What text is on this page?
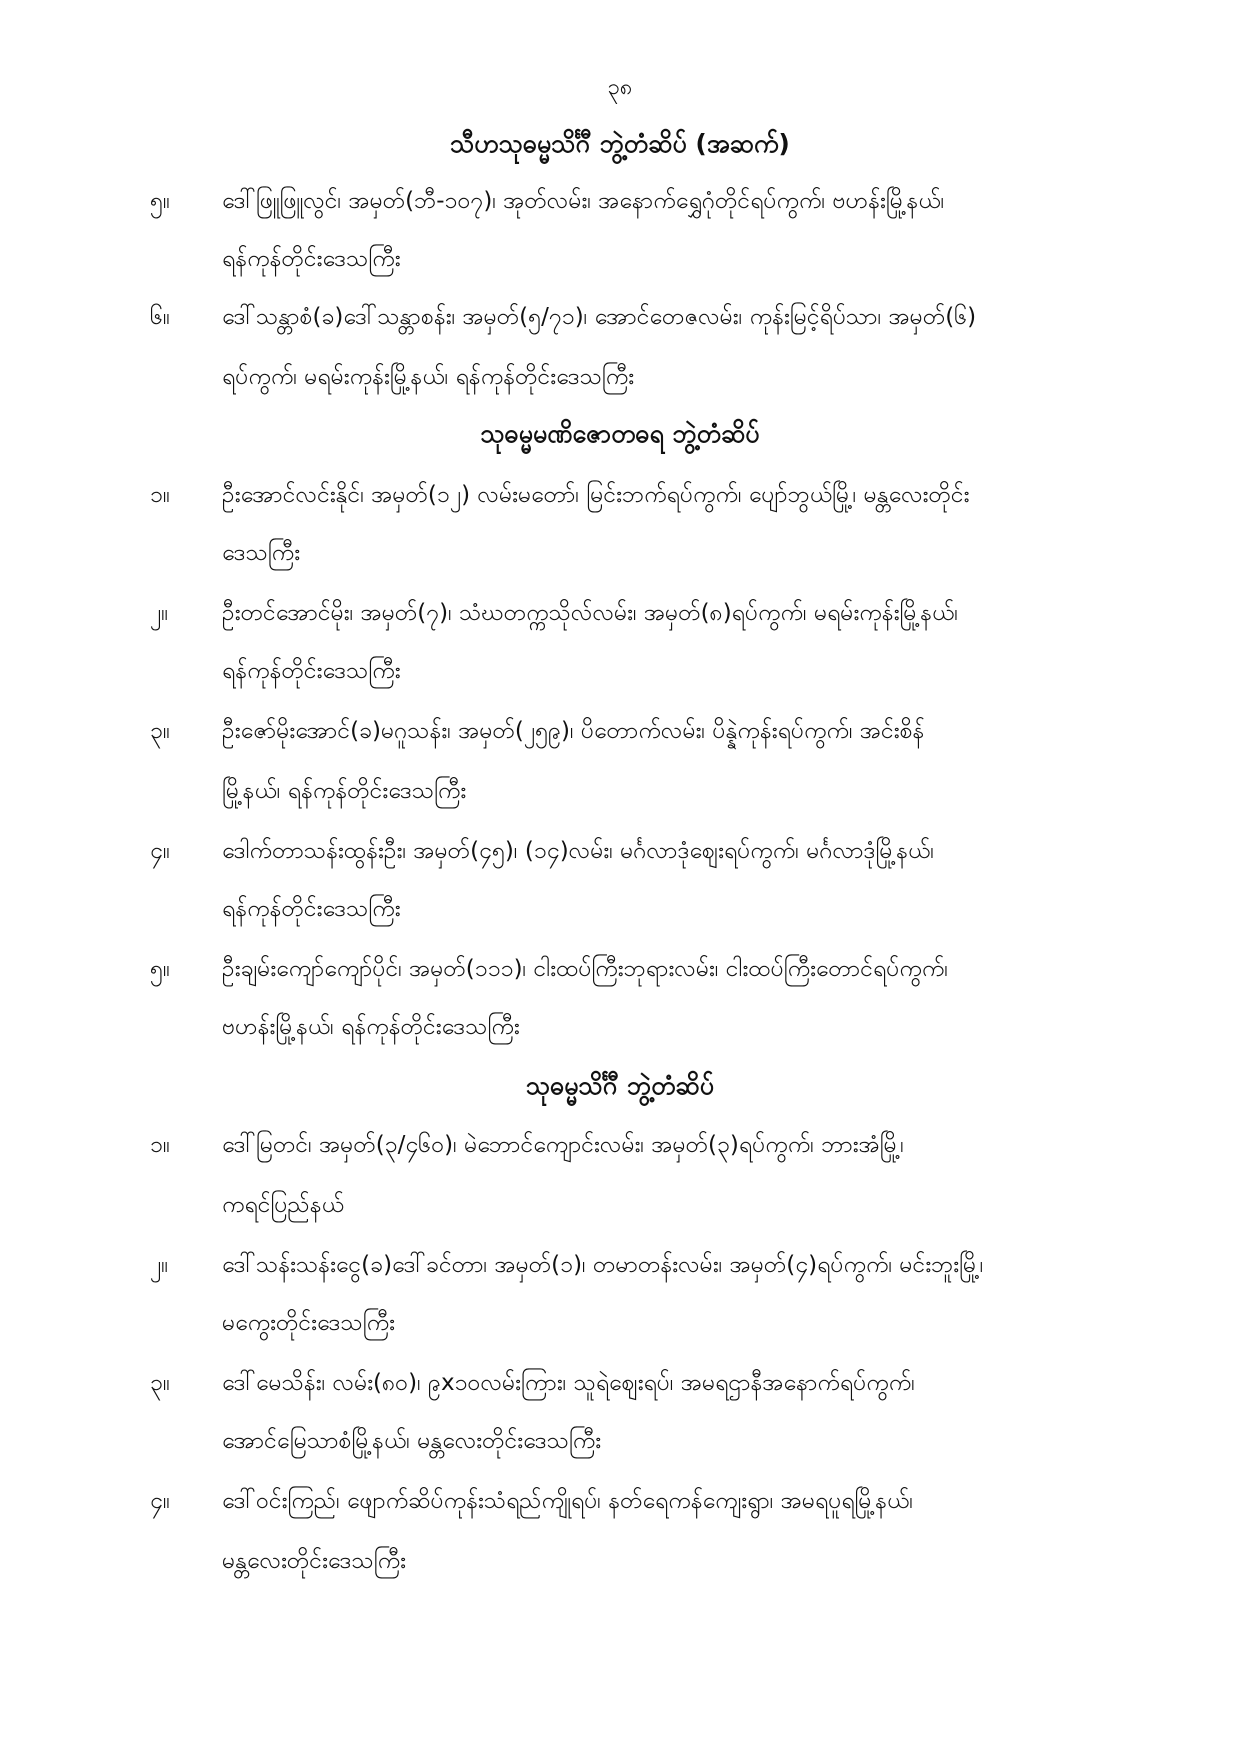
၃၈
သီဟသုဓမ္မသိင်္ဂီ ဘွဲ့တံဆိပ် (အဆက်)
၅။ ဒေါ်ဖြူဖြူလွင်၊ အမှတ်(ဘီ-၁၀၇)၊ အုတ်လမ်း၊ အနောက်ရွှေဂုံတိုင်ရပ်ကွက်၊ ဗဟန်းမြို့နယ်၊
ရန်ကုန်တိုင်းဒေသကြီး
၆။ ဒေါ်သန္တာစံ(ခ)ဒေါ်သန္တာစန်း၊ အမှတ်(၅/၇၁)၊ အောင်တေဇလမ်း၊ ကုန်းမြင့်ရိပ်သာ၊ အမှတ်(၆)
ရပ်ကွက်၊ မရမ်းကုန်းမြို့နယ်၊ ရန်ကုန်တိုင်းဒေသကြီး
သုဓမ္မမဏိဇောတဓရ ဘွဲ့တံဆိပ်
၁။ ဦးအောင်လင်းနိုင်၊ အမှတ်(၁၂) လမ်းမတော်၊ မြင်းဘက်ရပ်ကွက်၊ ပျော်ဘွယ်မြို့၊ မန္တလေးတိုင်း
ဒေသကြီး
၂။ ဦးတင်အောင်မိုး၊ အမှတ်(၇)၊ သံဃတက္ကသိုလ်လမ်း၊ အမှတ်(၈)ရပ်ကွက်၊ မရမ်းကုန်းမြို့နယ်၊
ရန်ကုန်တိုင်းဒေသကြီး
၃။ ဦးဇော်မိုးအောင်(ခ)မဂူသန်း၊ အမှတ်(၂၅၉)၊ ပိတောက်လမ်း၊ ပိန္နဲကုန်းရပ်ကွက်၊ အင်းစိန်
မြို့နယ်၊ ရန်ကုန်တိုင်းဒေသကြီး
၄။ ဒေါက်တာသန်းထွန်းဦး၊ အမှတ်(၄၅)၊ (၁၄)လမ်း၊ မင်္ဂလာဒုံဈေးရပ်ကွက်၊ မင်္ဂလာဒုံမြို့နယ်၊
ရန်ကုန်တိုင်းဒေသကြီး
၅။ ဦးချမ်းကျော်ကျော်ပိုင်၊ အမှတ်(၁၁၁)၊ ငါးထပ်ကြီးဘုရားလမ်း၊ ငါးထပ်ကြီးတောင်ရပ်ကွက်၊
ဗဟန်းမြို့နယ်၊ ရန်ကုန်တိုင်းဒေသကြီး
သုဓမ္မသိင်္ဂီ ဘွဲ့တံဆိပ်
၁။ ဒေါ်မြတင်၊ အမှတ်(၃/၄၆၀)၊ မဲဘောင်ကျောင်းလမ်း၊ အမှတ်(၃)ရပ်ကွက်၊ ဘားအံမြို့၊
ကရင်ပြည်နယ်
၂။ ဒေါ်သန်းသန်းငွေ(ခ)ဒေါ်ခင်တာ၊ အမှတ်(၁)၊ တမာတန်းလမ်း၊ အမှတ်(၄)ရပ်ကွက်၊ မင်းဘူးမြို့၊
မကွေးတိုင်းဒေသကြီး
၃။ ဒေါ်မေသိန်း၊ လမ်း(၈၀)၊ ၉x၁၀လမ်းကြား၊ သူရဲဈေးရပ်၊ အမရဌာနီအနောက်ရပ်ကွက်၊
အောင်မြေသာစံမြို့နယ်၊ မန္တလေးတိုင်းဒေသကြီး
၄။ ဒေါ်ဝင်းကြည်၊ ဖျောက်ဆိပ်ကုန်းသံရည်ကျိုရပ်၊ နတ်ရေကန်ကျေးရွာ၊ အမရပူရမြို့နယ်၊
မန္တလေးတိုင်းဒေသကြီး
